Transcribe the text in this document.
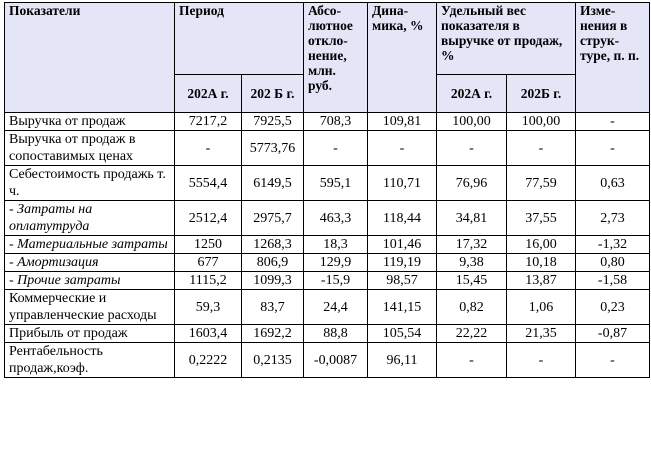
Показатели	Период		Абсо-лютное откло-нение, млн. руб.	Дина-мика, %	Удельный вес показателя в выручке от продаж, %		Изме-нения в струк-туре, п. п.
	202А г.	202 Б г.			202А г.	202Б г.	
Выручка от продаж	7217,2	7925,5	708,3	109,81	100,00	100,00	-
Выручка от продаж в сопоставимых ценах	-	5773,76	-	-	-	-	-
Себестоимость продажь т. ч.	5554,4	6149,5	595,1	110,71	76,96	77,59	0,63
- Затраты на оплатутруда	2512,4	2975,7	463,3	118,44	34,81	37,55	2,73
- Материальные затраты	1250	1268,3	18,3	101,46	17,32	16,00	-1,32
- Амортизация	677	806,9	129,9	119,19	9,38	10,18	0,80
- Прочие затраты	1115,2	1099,3	-15,9	98,57	15,45	13,87	-1,58
Коммерческие и управленческие расходы	59,3	83,7	24,4	141,15	0,82	1,06	0,23
Прибыль от продаж	1603,4	1692,2	88,8	105,54	22,22	21,35	-0,87
Рентабельность продаж,коэф.	0,2222	0,2135	-0,0087	96,11	-	-	-
